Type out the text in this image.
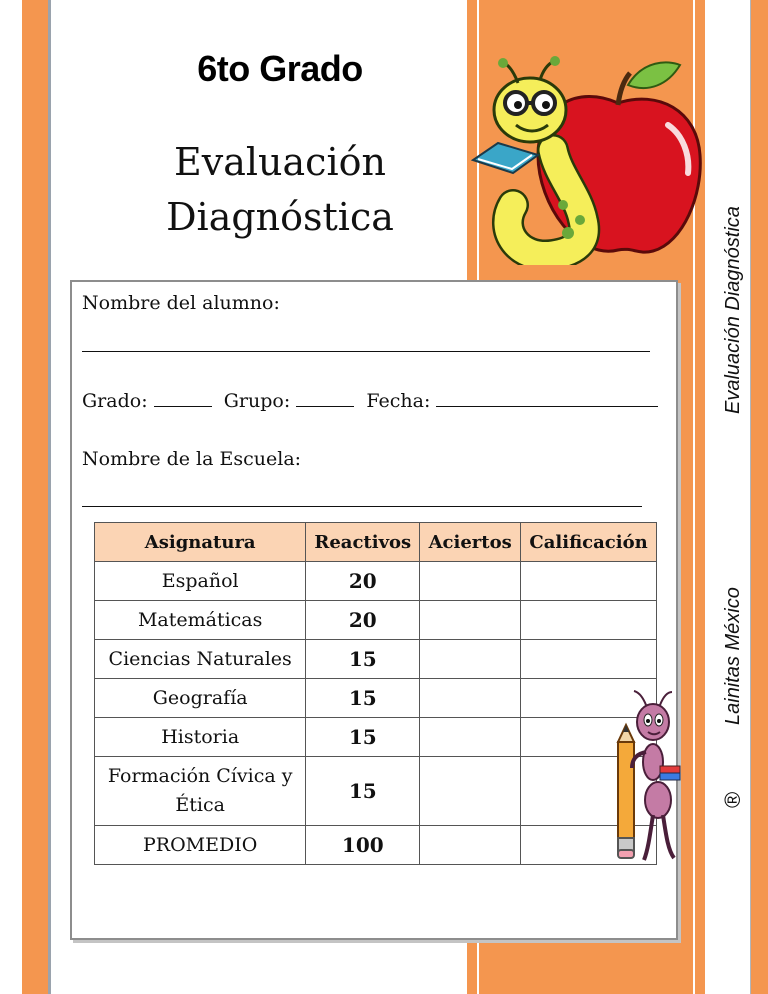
6to Grado
Evaluación
Diagnóstica	Evaluación Diagnóstica
Lainitas México
®
Nombre del alumno:
Grado:	Grupo:	Fecha:
Nombre de la Escuela:
Asignatura	Reactivos	Aciertos	Calificación
Español	20		
Matemáticas	20		
Ciencias Naturales	15		
Geografía	15		
Historia	15		
Formación Cívica y Ética	15		
PROMEDIO	100		
